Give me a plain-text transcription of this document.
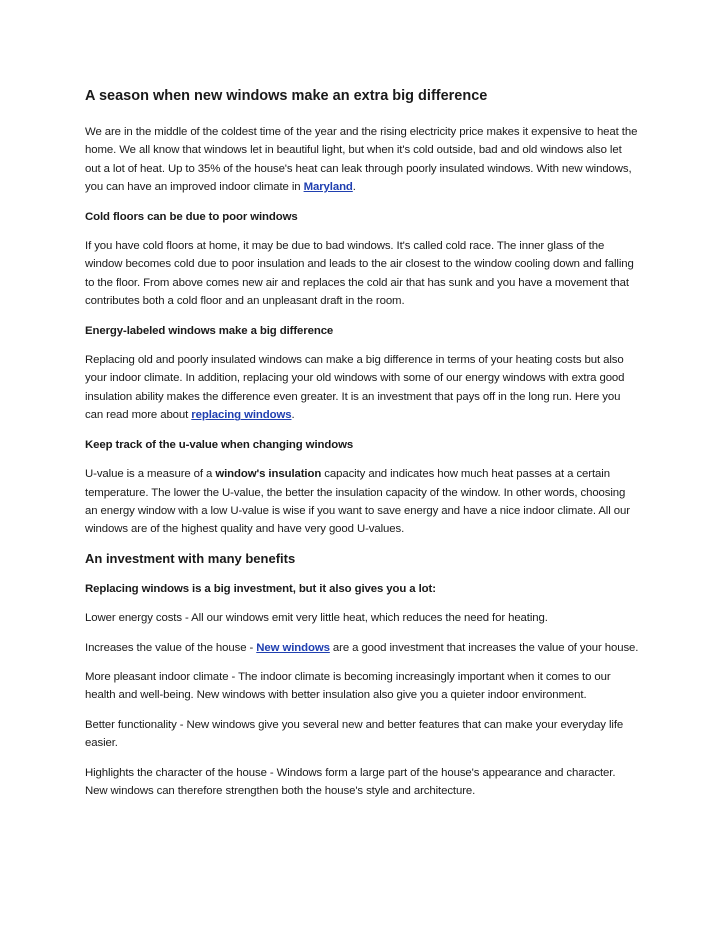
A season when new windows make an extra big difference

We are in the middle of the coldest time of the year and the rising electricity price makes it expensive to heat the home. We all know that windows let in beautiful light, but when it's cold outside, bad and old windows also let out a lot of heat. Up to 35% of the house's heat can leak through poorly insulated windows. With new windows, you can have an improved indoor climate in Maryland.

Cold floors can be due to poor windows

If you have cold floors at home, it may be due to bad windows. It's called cold race. The inner glass of the window becomes cold due to poor insulation and leads to the air closest to the window cooling down and falling to the floor. From above comes new air and replaces the cold air that has sunk and you have a movement that contributes both a cold floor and an unpleasant draft in the room.

Energy-labeled windows make a big difference

Replacing old and poorly insulated windows can make a big difference in terms of your heating costs but also your indoor climate. In addition, replacing your old windows with some of our energy windows with extra good insulation ability makes the difference even greater. It is an investment that pays off in the long run. Here you can read more about replacing windows.

Keep track of the u-value when changing windows

U-value is a measure of a window's insulation capacity and indicates how much heat passes at a certain temperature. The lower the U-value, the better the insulation capacity of the window. In other words, choosing an energy window with a low U-value is wise if you want to save energy and have a nice indoor climate. All our windows are of the highest quality and have very good U-values.

An investment with many benefits

Replacing windows is a big investment, but it also gives you a lot:

Lower energy costs - All our windows emit very little heat, which reduces the need for heating.

Increases the value of the house - New windows are a good investment that increases the value of your house.

More pleasant indoor climate - The indoor climate is becoming increasingly important when it comes to our health and well-being. New windows with better insulation also give you a quieter indoor environment.

Better functionality - New windows give you several new and better features that can make your everyday life easier.

Highlights the character of the house - Windows form a large part of the house's appearance and character. New windows can therefore strengthen both the house's style and architecture.
